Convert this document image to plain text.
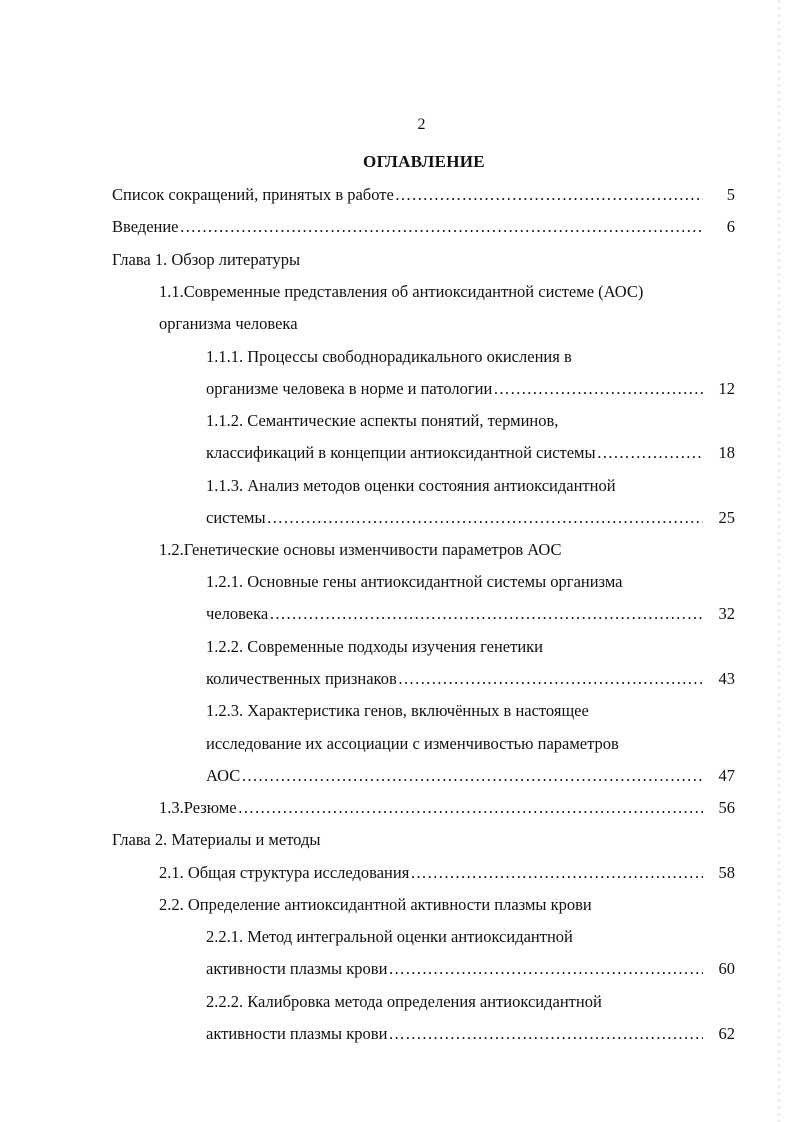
2
ОГЛАВЛЕНИЕ
Список сокращений, принятых в работе ………………………………………………………………………………………………………………………………………………………………	5
Введение ………………………………………………………………………………………………………………………………………………………………	6
Глава 1. Обзор литературы
1.1.Современные представления об антиоксидантной системе (АОС)
организма человека
1.1.1. Процессы свободнорадикального окисления в
организме человека в норме и патологии ………………………………………………………………………………………………………………………………………………………………	12
1.1.2. Семантические аспекты понятий, терминов,
классификаций в концепции антиоксидантной системы ………………………………………………………………………………………………………………………………………………………………	18
1.1.3. Анализ методов оценки состояния антиоксидантной
системы ………………………………………………………………………………………………………………………………………………………………	25
1.2.Генетические основы изменчивости параметров АОС
1.2.1. Основные гены антиоксидантной системы организма
человека ………………………………………………………………………………………………………………………………………………………………	32
1.2.2. Современные подходы изучения генетики
количественных признаков ………………………………………………………………………………………………………………………………………………………………	43
1.2.3. Характеристика генов, включённых в настоящее
исследование их ассоциации с изменчивостью параметров
АОС ………………………………………………………………………………………………………………………………………………………………	47
1.3.Резюме ………………………………………………………………………………………………………………………………………………………………	56
Глава 2. Материалы и методы
2.1. Общая структура исследования ………………………………………………………………………………………………………………………………………………………………	58
2.2. Определение антиоксидантной активности плазмы крови
2.2.1. Метод интегральной оценки антиоксидантной
активности плазмы крови ………………………………………………………………………………………………………………………………………………………………	60
2.2.2. Калибровка метода определения антиоксидантной
активности плазмы крови ………………………………………………………………………………………………………………………………………………………………	62
